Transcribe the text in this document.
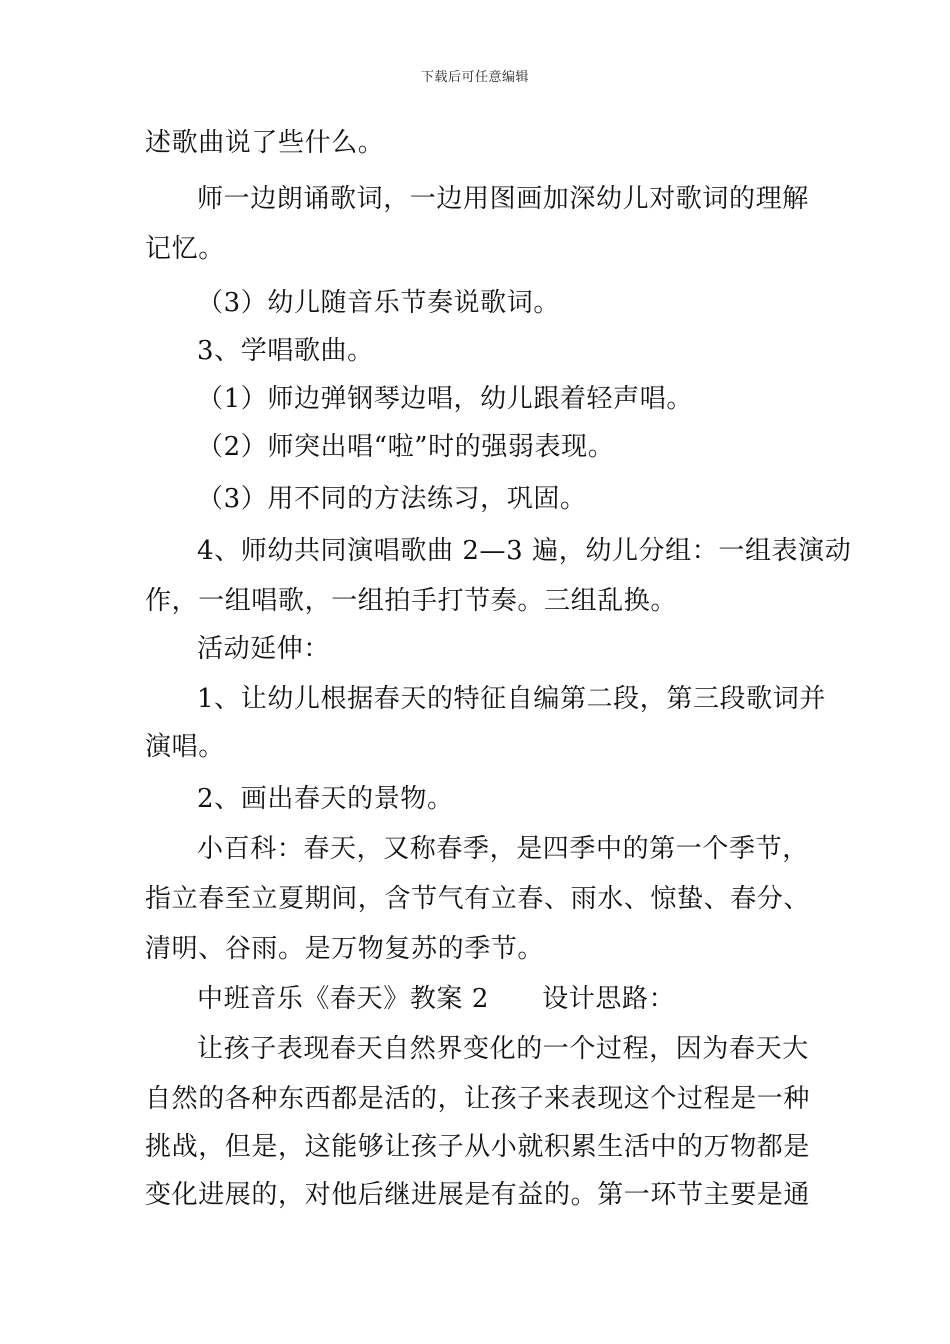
下载后可任意编辑
述歌曲说了些什么。
师一边朗诵歌词，一边用图画加深幼儿对歌词的理解
记忆。
（3）幼儿随音乐节奏说歌词。
3、学唱歌曲。
（1）师边弹钢琴边唱，幼儿跟着轻声唱。
（2）师突出唱“啦”时的强弱表现。
（3）用不同的方法练习，巩固。
4、师幼共同演唱歌曲 2—3 遍，幼儿分组：一组表演动
作，一组唱歌，一组拍手打节奏。三组乱换。
活动延伸：
1、让幼儿根据春天的特征自编第二段，第三段歌词并
演唱。
2、画出春天的景物。
小百科：春天，又称春季，是四季中的第一个季节，
指立春至立夏期间，含节气有立春、雨水、惊蛰、春分、
清明、谷雨。是万物复苏的季节。
中班音乐《春天》教案 2　　设计思路：
让孩子表现春天自然界变化的一个过程，因为春天大
自然的各种东西都是活的，让孩子来表现这个过程是一种
挑战，但是，这能够让孩子从小就积累生活中的万物都是
变化进展的，对他后继进展是有益的。第一环节主要是通
